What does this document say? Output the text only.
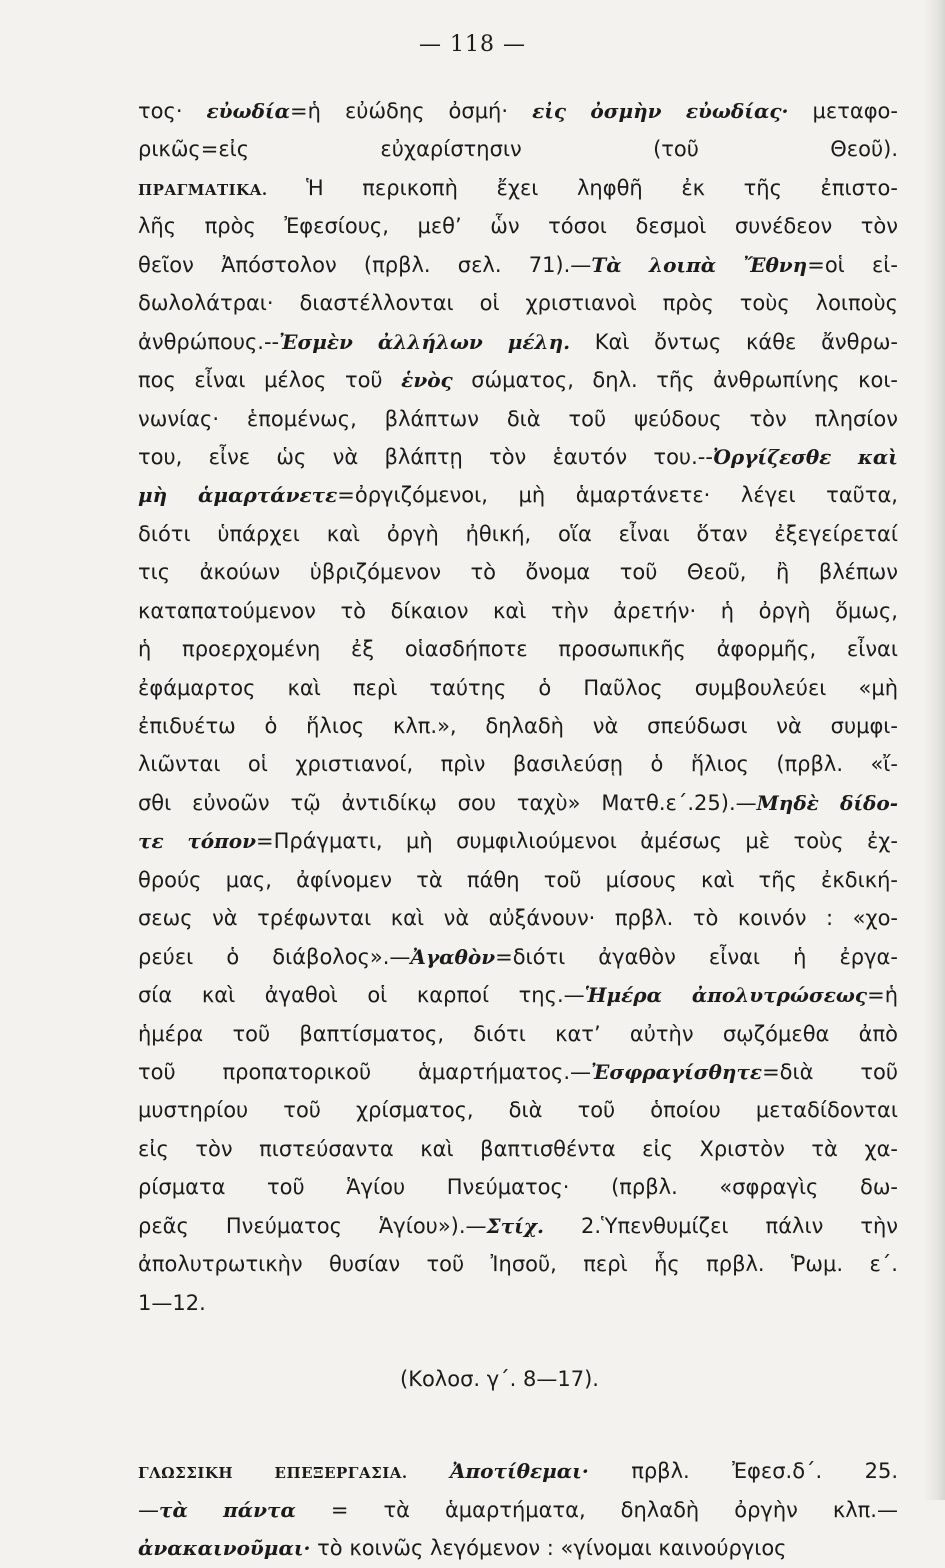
— 118 —
τος· εὐωδία=ἡ εὐώδης ὀσμή· εἰς ὀσμὴν εὐωδίας· μεταφο-
ρικῶς=εἰς εὐχαρίστησιν (τοῦ Θεοῦ).
ΠΡΑΓΜΑΤΙΚΑ. Ἡ περικοπὴ ἔχει ληφθῆ ἐκ τῆς ἐπιστο-
λῆς πρὸς Ἐφεσίους, μεθ’ ὧν τόσοι δεσμοὶ συνέδεον τὸν
θεῖον Ἀπόστολον (πρβλ. σελ. 71).—Τὰ λοιπὰ Ἔθνη=οἱ εἰ-
δωλολάτραι· διαστέλλονται οἱ χριστιανοὶ πρὸς τοὺς λοιποὺς
ἀνθρώπους.--Ἐσμὲν ἀλλήλων μέλη. Καὶ ὄντως κάθε ἄνθρω-
πος εἶναι μέλος τοῦ ἑνὸς σώματος, δηλ. τῆς ἀνθρωπίνης κοι-
νωνίας· ἑπομένως, βλάπτων διὰ τοῦ ψεύδους τὸν πλησίον
του, εἶνε ὡς νὰ βλάπτῃ τὸν ἑαυτόν του.--Ὀργίζεσθε καὶ
μὴ ἁμαρτάνετε=ὀργιζόμενοι, μὴ ἁμαρτάνετε· λέγει ταῦτα,
διότι ὑπάρχει καὶ ὀργὴ ἠθική, οἵα εἶναι ὅταν ἐξεγείρεταί
τις ἀκούων ὑβριζόμενον τὸ ὄνομα τοῦ Θεοῦ, ἢ βλέπων
καταπατούμενον τὸ δίκαιον καὶ τὴν ἀρετήν· ἡ ὀργὴ ὅμως,
ἡ προερχομένη ἐξ οἱασδήποτε προσωπικῆς ἀφορμῆς, εἶναι
ἐφάμαρτος καὶ περὶ ταύτης ὁ Παῦλος συμβουλεύει «μὴ
ἐπιδυέτω ὁ ἥλιος κλπ.», δηλαδὴ νὰ σπεύδωσι νὰ συμφι-
λιῶνται οἱ χριστιανοί, πρὶν βασιλεύσῃ ὁ ἥλιος (πρβλ. «ἴ-
σθι εὐνοῶν τῷ ἀντιδίκῳ σου ταχὺ» Ματθ.ε΄.25).—Μηδὲ δίδο-
τε τόπον=Πράγματι, μὴ συμφιλιούμενοι ἀμέσως μὲ τοὺς ἐχ-
θρούς μας, ἀφίνομεν τὰ πάθη τοῦ μίσους καὶ τῆς ἐκδική-
σεως νὰ τρέφωνται καὶ νὰ αὐξάνουν· πρβλ. τὸ κοινόν : «χο-
ρεύει ὁ διάβολος».—Ἀγαθὸν=διότι ἀγαθὸν εἶναι ἡ ἐργα-
σία καὶ ἀγαθοὶ οἱ καρποί της.—Ἡμέρα ἀπολυτρώσεως=ἡ
ἡμέρα τοῦ βαπτίσματος, διότι κατ’ αὐτὴν σῳζόμεθα ἀπὸ
τοῦ προπατορικοῦ ἁμαρτήματος.—Ἐσφραγίσθητε=διὰ τοῦ
μυστηρίου τοῦ χρίσματος, διὰ τοῦ ὁποίου μεταδίδονται
εἰς τὸν πιστεύσαντα καὶ βαπτισθέντα εἰς Χριστὸν τὰ χα-
ρίσματα τοῦ Ἁγίου Πνεύματος· (πρβλ. «σφραγὶς δω-
ρεᾶς Πνεύματος Ἁγίου»).—Στίχ. 2.Ὑπενθυμίζει πάλιν τὴν
ἀπολυτρωτικὴν θυσίαν τοῦ Ἰησοῦ, περὶ ἧς πρβλ. Ῥωμ. ε΄.
1—12.
(Κολοσ. γ΄. 8—17).
ΓΛΩΣΣΙΚΗ ΕΠΕΞΕΡΓΑΣΙΑ. Ἀποτίθεμαι· πρβλ. Ἐφεσ.δ΄. 25.
—τὰ πάντα = τὰ ἁμαρτήματα, δηλαδὴ ὀργὴν κλπ.—
ἀνακαινοῦμαι· τὸ κοινῶς λεγόμενον : «γίνομαι καινούργιος
